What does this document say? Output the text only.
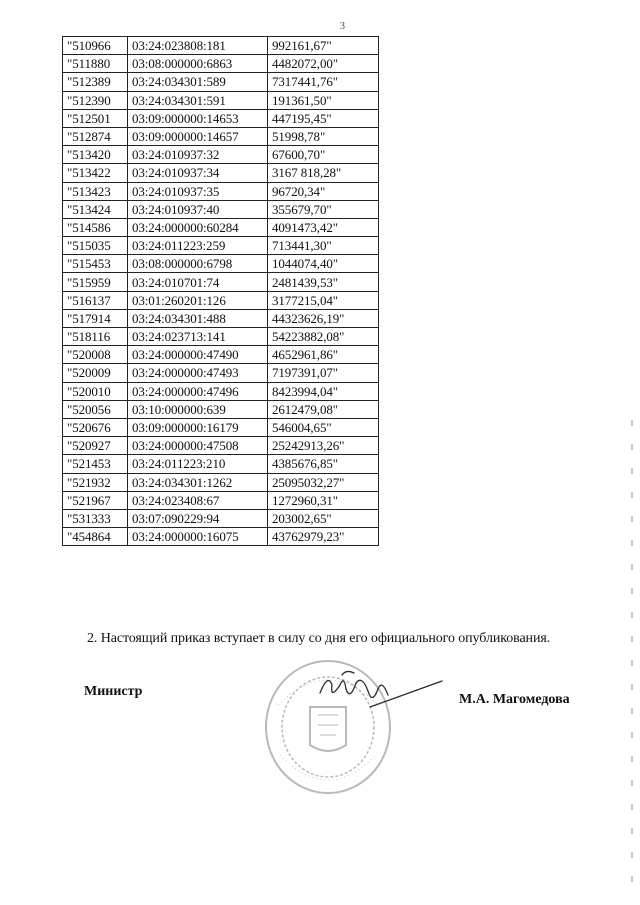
3
"510966	03:24:023808:181	992161,67"
"511880	03:08:000000:6863	4482072,00"
"512389	03:24:034301:589	7317441,76"
"512390	03:24:034301:591	191361,50"
"512501	03:09:000000:14653	447195,45"
"512874	03:09:000000:14657	51998,78"
"513420	03:24:010937:32	67600,70"
"513422	03:24:010937:34	3167 818,28"
"513423	03:24:010937:35	96720,34"
"513424	03:24:010937:40	355679,70"
"514586	03:24:000000:60284	4091473,42"
"515035	03:24:011223:259	713441,30"
"515453	03:08:000000:6798	1044074,40"
"515959	03:24:010701:74	2481439,53"
"516137	03:01:260201:126	3177215,04"
"517914	03:24:034301:488	44323626,19"
"518116	03:24:023713:141	54223882,08"
"520008	03:24:000000:47490	4652961,86"
"520009	03:24:000000:47493	7197391,07"
"520010	03:24:000000:47496	8423994,04"
"520056	03:10:000000:639	2612479,08"
"520676	03:09:000000:16179	546004,65"
"520927	03:24:000000:47508	25242913,26"
"521453	03:24:011223:210	4385676,85"
"521932	03:24:034301:1262	25095032,27"
"521967	03:24:023408:67	1272960,31"
"531333	03:07:090229:94	203002,65"
"454864	03:24:000000:16075	43762979,23"
2. Настоящий приказ вступает в силу со дня его официального опубликования.
Министр
М.А. Магомедова
